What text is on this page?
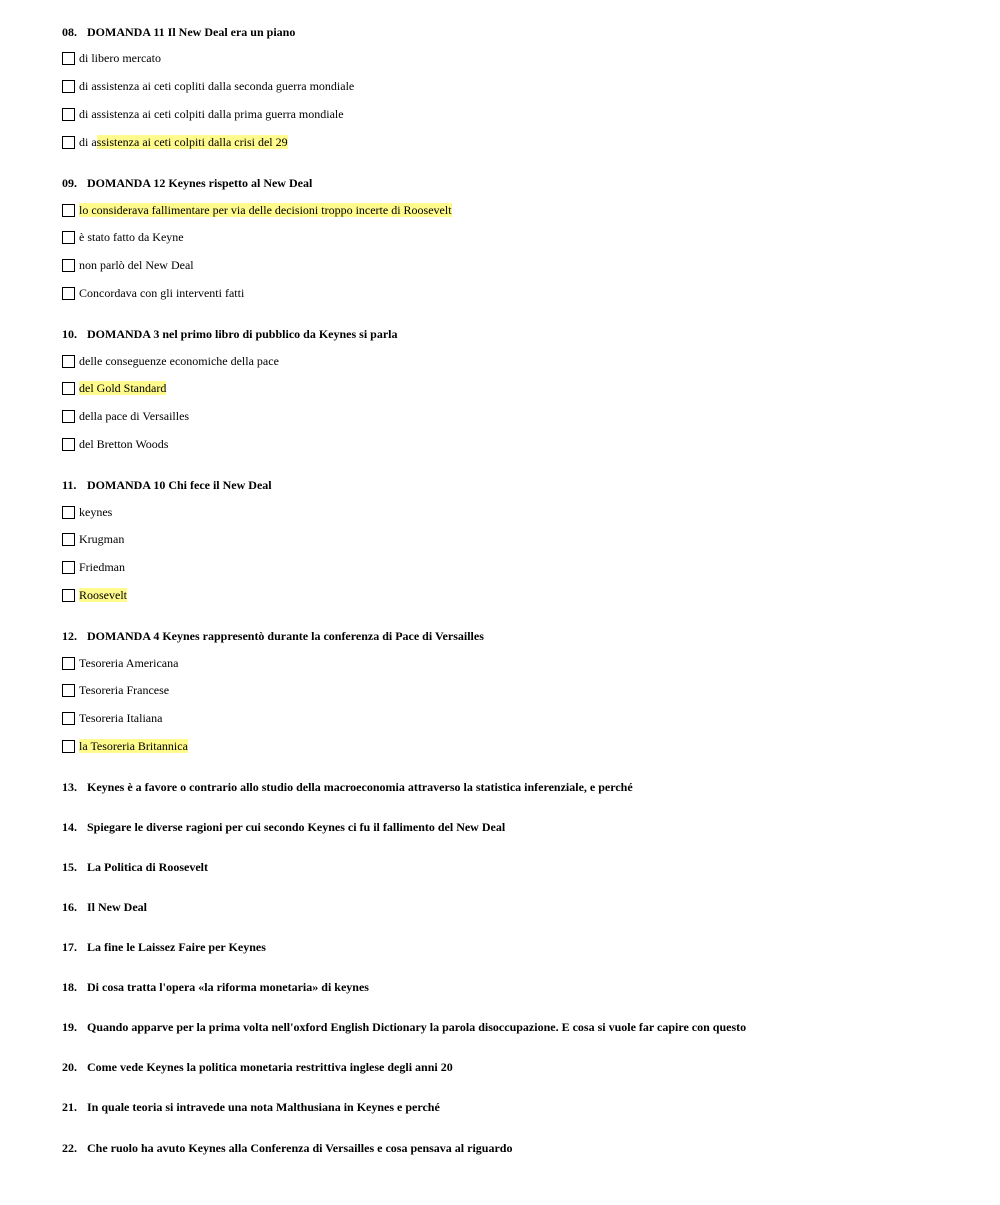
08. DOMANDA 11 Il New Deal era un piano
di libero mercato
di assistenza ai ceti copliti dalla seconda guerra mondiale
di assistenza ai ceti colpiti dalla prima guerra mondiale
di assistenza ai ceti colpiti dalla crisi del 29
09. DOMANDA 12 Keynes rispetto al New Deal
lo considerava fallimentare per via delle decisioni troppo incerte di Roosevelt
è stato fatto da Keyne
non parlò del New Deal
Concordava con gli interventi fatti
10. DOMANDA 3 nel primo libro di pubblico da Keynes si parla
delle conseguenze economiche della pace
del Gold Standard
della pace di Versailles
del Bretton Woods
11. DOMANDA 10 Chi fece il New Deal
keynes
Krugman
Friedman
Roosevelt
12. DOMANDA 4 Keynes rappresentò durante la conferenza di Pace di Versailles
Tesoreria Americana
Tesoreria Francese
Tesoreria Italiana
la Tesoreria Britannica
13. Keynes è a favore o contrario allo studio della macroeconomia attraverso la statistica inferenziale, e perché
14. Spiegare le diverse ragioni per cui secondo Keynes ci fu il fallimento del New Deal
15. La Politica di Roosevelt
16. Il New Deal
17. La fine le Laissez Faire per Keynes
18. Di cosa tratta l'opera «la riforma monetaria» di keynes
19. Quando apparve per la prima volta nell'oxford English Dictionary la parola disoccupazione. E cosa si vuole far capire con questo
20. Come vede Keynes la politica monetaria restrittiva inglese degli anni 20
21. In quale teoria si intravede una nota Malthusiana in Keynes e perché
22. Che ruolo ha avuto Keynes alla Conferenza di Versailles e cosa pensava al riguardo
